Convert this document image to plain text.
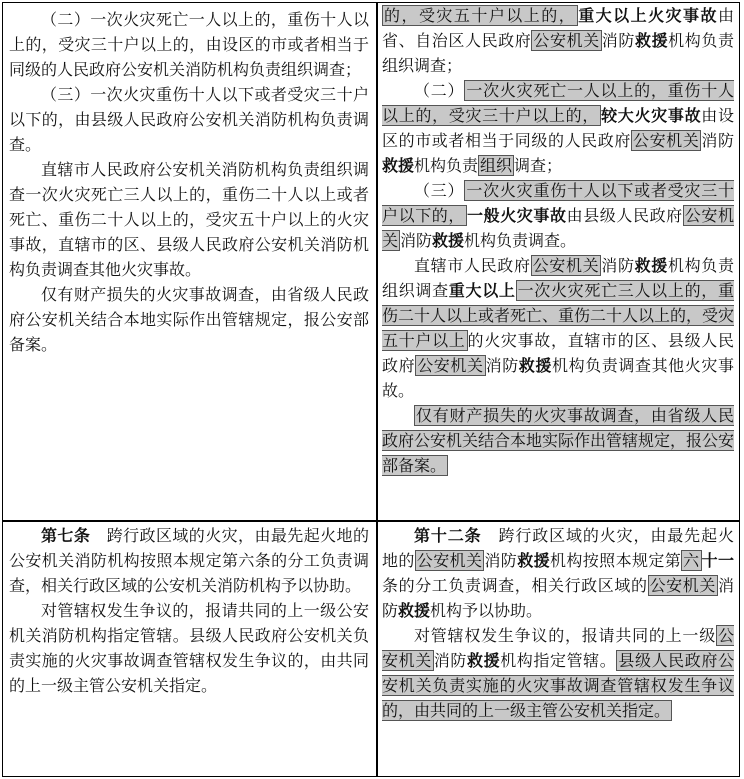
（二）一次火灾死亡一人以上的，重伤十人以上的，受灾三十户以上的，由设区的市或者相当于同级的人民政府公安机关消防机构负责组织调查；

（三）一次火灾重伤十人以下或者受灾三十户以下的，由县级人民政府公安机关消防机构负责调查。

直辖市人民政府公安机关消防机构负责组织调查一次火灾死亡三人以上的，重伤二十人以上或者死亡、重伤二十人以上的，受灾五十户以上的火灾事故，直辖市的区、县级人民政府公安机关消防机构负责调查其他火灾事故。

仅有财产损失的火灾事故调查，由省级人民政府公安机关结合本地实际作出管辖规定，报公安部备案。

的，受灾五十户以上的， 重大以上火灾事故由省、自治区人民政府 公安机关 消防救援机构负责组织调查；

（二） 一次火灾死亡一人以上的，重伤十人以上的，受灾三十户以上的， 较大火灾事故由设区的市或者相当于同级的人民政府 公安机关 消防救援机构负责 组织 调查；

（三） 一次火灾重伤十人以下或者受灾三十户以下的， 一般火灾事故由县级人民政府 公安机关 消防救援机构负责调查。

直辖市人民政府 公安机关 消防救援机构负责组织调查重大以上 一次火灾死亡三人以上的，重伤二十人以上或者死亡、重伤二十人以上的，受灾五十户以上 的火灾事故，直辖市的区、县级人民政府 公安机关 消防救援机构负责调查其他火灾事故。

仅有财产损失的火灾事故调查，由省级人民政府公安机关结合本地实际作出管辖规定，报公安部备案。

第七条　 跨行政区域的火灾，由最先起火地的公安机关消防机构按照本规定第六条的分工负责调查，相关行政区域的公安机关消防机构予以协助。

对管辖权发生争议的，报请共同的上一级公安机关消防机构指定管辖。县级人民政府公安机关负责实施的火灾事故调查管辖权发生争议的，由共同的上一级主管公安机关指定。

第十二条　 跨行政区域的火灾，由最先起火地的 公安机关 消防救援机构按照本规定第 六 十一条的分工负责调查，相关行政区域的 公安机关 消防救援机构予以协助。

对管辖权发生争议的，报请共同的上一级 公安机关 消防救援机构指定管辖。 县级人民政府公安机关负责实施的火灾事故调查管辖权发生争议的，由共同的上一级主管公安机关指定。
